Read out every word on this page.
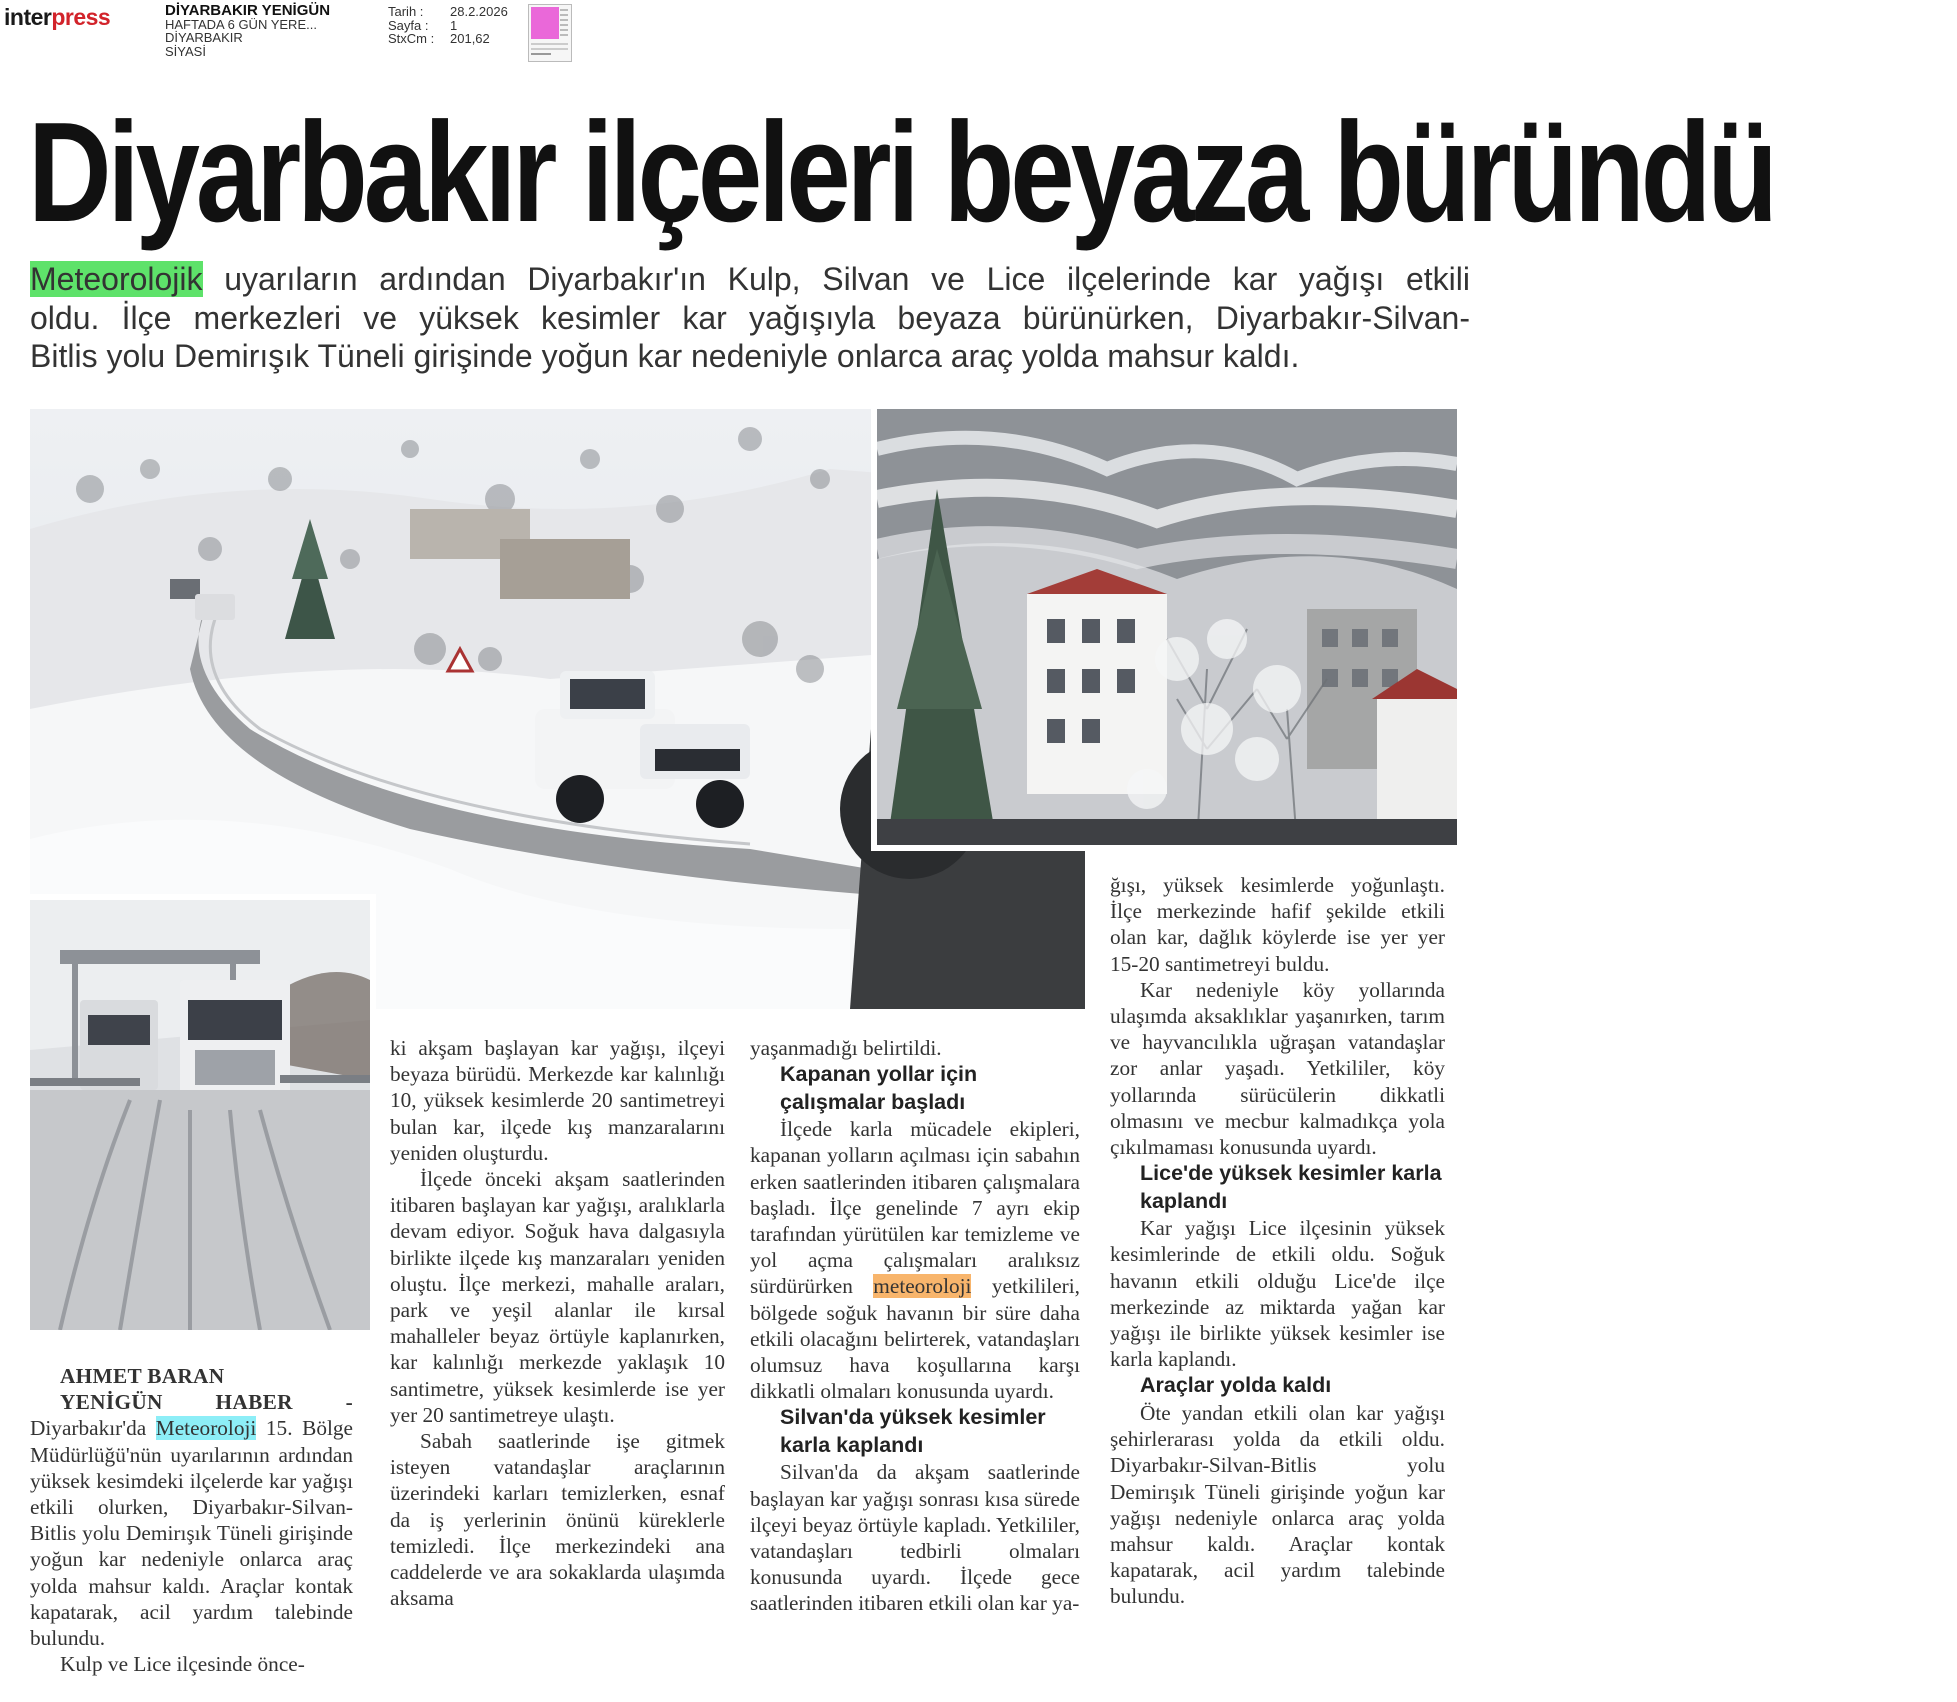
interpress	DİYARBAKIR YENİGÜN
HAFTADA 6 GÜN YERE...
DİYARBAKIR
SİYASİ
Tarih : 28.2.2026
Sayfa : 1
StxCm : 201,62
Diyarbakır ilçeleri beyaza büründü
Meteorolojik uyarıların ardından Diyarbakır'ın Kulp, Silvan ve Lice ilçelerinde kar yağışı etkili
oldu. İlçe merkezleri ve yüksek kesimler kar yağışıyla beyaza bürünürken, Diyarbakır-Silvan-
Bitlis yolu Demirışık Tüneli girişinde yoğun kar nedeniyle onlarca araç yolda mahsur kaldı.

AHMET BARAN

YENİGÜN HABER - Diyarbakır'da Meteoroloji 15. Bölge Müdürlüğü'nün uyarılarının ardından yüksek kesimdeki ilçelerde kar yağışı etkili olurken, Diyarbakır-Silvan-Bitlis yolu Demirışık Tüneli girişinde yoğun kar nedeniyle onlarca araç yolda mahsur kaldı. Araçlar kontak kapatarak, acil yardım talebinde bulundu.

Kulp ve Lice ilçesinde önce-

ki akşam başlayan kar yağışı, ilçeyi beyaza bürüdü. Merkezde kar kalınlığı 10, yüksek kesimlerde 20 santimetreyi bulan kar, ilçede kış manzaralarını yeniden oluşturdu.

İlçede önceki akşam saatlerinden itibaren başlayan kar yağışı, aralıklarla devam ediyor. Soğuk hava dalgasıyla birlikte ilçede kış manzaraları yeniden oluştu. İlçe merkezi, mahalle araları, park ve yeşil alanlar ile kırsal mahalleler beyaz örtüyle kaplanırken, kar kalınlığı merkezde yaklaşık 10 santimetre, yüksek kesimlerde ise yer yer 20 santimetreye ulaştı.

Sabah saatlerinde işe gitmek isteyen vatandaşlar araçlarının üzerindeki karları temizlerken, esnaf da iş yerlerinin önünü küreklerle temizledi. İlçe merkezindeki ana caddelerde ve ara sokaklarda ulaşımda aksama

yaşanmadığı belirtildi.

Kapanan yollar için çalışmalar başladı

İlçede karla mücadele ekipleri, kapanan yolların açılması için sabahın erken saatlerinden itibaren çalışmalara başladı. İlçe genelinde 7 ayrı ekip tarafından yürütülen kar temizleme ve yol açma çalışmaları aralıksız sürdürürken meteoroloji yetkilileri, bölgede soğuk havanın bir süre daha etkili olacağını belirterek, vatandaşları olumsuz hava koşullarına karşı dikkatli olmaları konusunda uyardı.

Silvan'da yüksek kesimler karla kaplandı

Silvan'da da akşam saatlerinde başlayan kar yağışı sonrası kısa sürede ilçeyi beyaz örtüyle kapladı. Yetkililer, vatandaşları tedbirli olmaları konusunda uyardı. İlçede gece saatlerinden itibaren etkili olan kar ya-

ğışı, yüksek kesimlerde yoğunlaştı. İlçe merkezinde hafif şekilde etkili olan kar, dağlık köylerde ise yer yer 15-20 santimetreyi buldu.

Kar nedeniyle köy yollarında ulaşımda aksaklıklar yaşanırken, tarım ve hayvancılıkla uğraşan vatandaşlar zor anlar yaşadı. Yetkililer, köy yollarında sürücülerin dikkatli olmasını ve mecbur kalmadıkça yola çıkılmaması konusunda uyardı.

Lice'de yüksek kesimler karla kaplandı

Kar yağışı Lice ilçesinin yüksek kesimlerinde de etkili oldu. Soğuk havanın etkili olduğu Lice'de ilçe merkezinde az miktarda yağan kar yağışı ile birlikte yüksek kesimler ise karla kaplandı.

Araçlar yolda kaldı

Öte yandan etkili olan kar yağışı şehirlerarası yolda da etkili oldu. Diyarbakır-Silvan-Bitlis yolu Demirışık Tüneli girişinde yoğun kar yağışı nedeniyle onlarca araç yolda mahsur kaldı. Araçlar kontak kapatarak, acil yardım talebinde bulundu.
